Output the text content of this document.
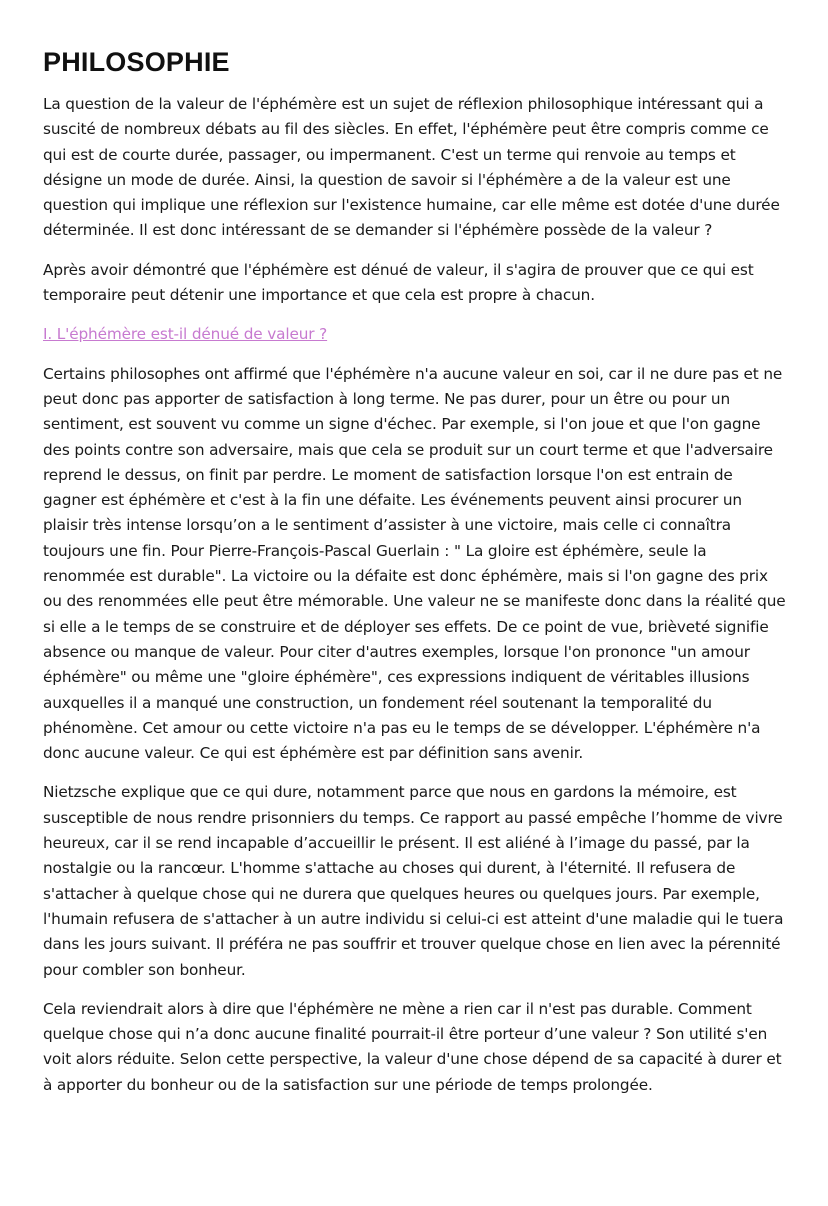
PHILOSOPHIE

La question de la valeur de l'éphémère est un sujet de réflexion philosophique intéressant qui a suscité de nombreux débats au fil des siècles. En effet, l'éphémère peut être compris comme ce qui est de courte durée, passager, ou impermanent. C'est un terme qui renvoie au temps et désigne un mode de durée. Ainsi, la question de savoir si l'éphémère a de la valeur est une question qui implique une réflexion sur l'existence humaine, car elle même est dotée d'une durée déterminée. Il est donc intéressant de se demander si l'éphémère possède de la valeur ?

Après avoir démontré que l'éphémère est dénué de valeur, il s'agira de prouver que ce qui est temporaire peut détenir une importance et que cela est propre à chacun.

I. L'éphémère est-il dénué de valeur ?

Certains philosophes ont affirmé que l'éphémère n'a aucune valeur en soi, car il ne dure pas et ne peut donc pas apporter de satisfaction à long terme. Ne pas durer, pour un être ou pour un sentiment, est souvent vu comme un signe d'échec. Par exemple, si l'on joue et que l'on gagne des points contre son adversaire, mais que cela se produit sur un court terme et que l'adversaire reprend le dessus, on finit par perdre. Le moment de satisfaction lorsque l'on est entrain de gagner est éphémère et c'est à la fin une défaite. Les événements peuvent ainsi procurer un plaisir très intense lorsqu’on a le sentiment d’assister à une victoire, mais celle ci connaîtra toujours une fin. Pour Pierre-François-Pascal Guerlain : " La gloire est éphémère, seule la renommée est durable". La victoire ou la défaite est donc éphémère, mais si l'on gagne des prix ou des renommées elle peut être mémorable. Une valeur ne se manifeste donc dans la réalité que si elle a le temps de se construire et de déployer ses effets. De ce point de vue, brièveté signifie absence ou manque de valeur. Pour citer d'autres exemples, lorsque l'on prononce "un amour éphémère" ou même une "gloire éphémère", ces expressions indiquent de véritables illusions auxquelles il a manqué une construction, un fondement réel soutenant la temporalité du phénomène. Cet amour ou cette victoire n'a pas eu le temps de se développer. L'éphémère n'a donc aucune valeur. Ce qui est éphémère est par définition sans avenir.

Nietzsche explique que ce qui dure, notamment parce que nous en gardons la mémoire, est susceptible de nous rendre prisonniers du temps. Ce rapport au passé empêche l’homme de vivre heureux, car il se rend incapable d’accueillir le présent. Il est aliéné à l’image du passé, par la nostalgie ou la rancœur. L'homme s'attache au choses qui durent, à l'éternité. Il refusera de s'attacher à quelque chose qui ne durera que quelques heures ou quelques jours. Par exemple, l'humain refusera de s'attacher à un autre individu si celui-ci est atteint d'une maladie qui le tuera dans les jours suivant. Il préféra ne pas souffrir et trouver quelque chose en lien avec la pérennité pour combler son bonheur.

Cela reviendrait alors à dire que l'éphémère ne mène a rien car il n'est pas durable. Comment quelque chose qui n’a donc aucune finalité pourrait-il être porteur d’une valeur ? Son utilité s'en voit alors réduite. Selon cette perspective, la valeur d'une chose dépend de sa capacité à durer et à apporter du bonheur ou de la satisfaction sur une période de temps prolongée.
